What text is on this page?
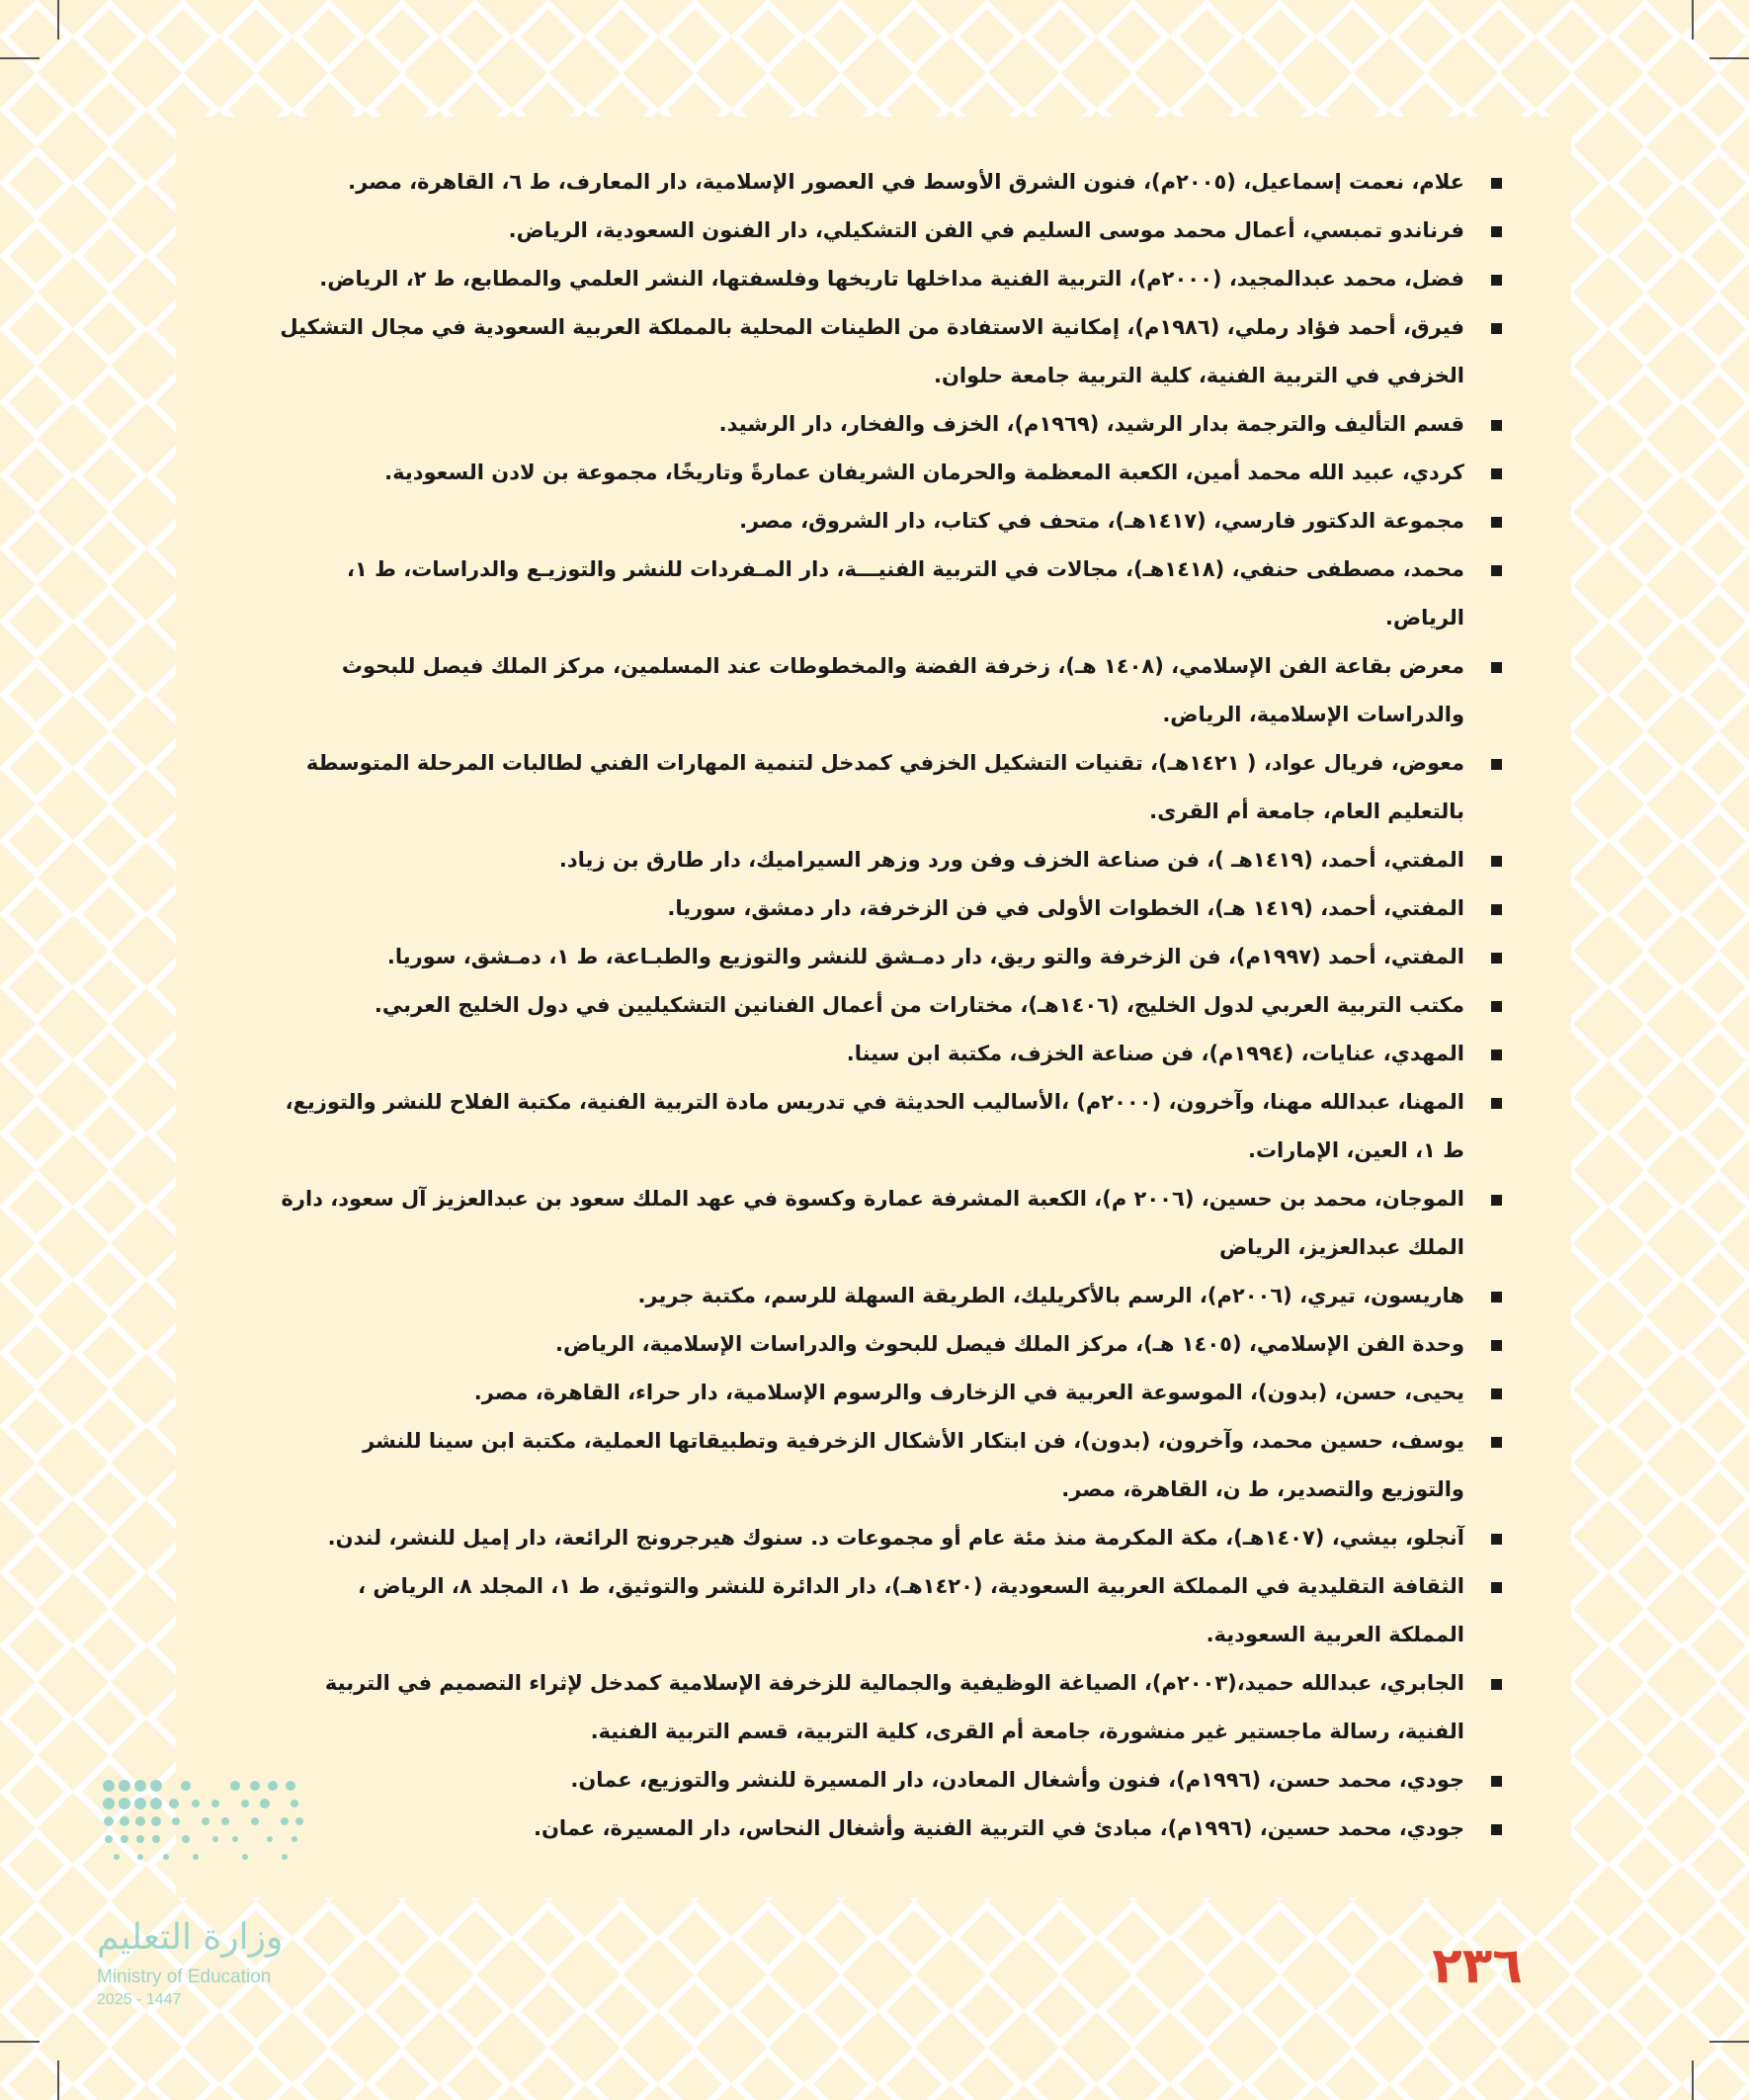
علام، نعمت إسماعيل، (٢٠٠٥م)، فنون الشرق الأوسط في العصور الإسلامية، دار المعارف، ط ٦، القاهرة، مصر.
فرناندو تمبسي، أعمال محمد موسى السليم في الفن التشكيلي، دار الفنون السعودية، الرياض.
فضل، محمد عبدالمجيد، (٢٠٠٠م)، التربية الفنية مداخلها تاريخها وفلسفتها، النشر العلمي والمطابع، ط ٢، الرياض.
فيرق، أحمد فؤاد رملي، (١٩٨٦م)، إمكانية الاستفادة من الطينات المحلية بالمملكة العربية السعودية في مجال التشكيل الخزفي في التربية الفنية، كلية التربية جامعة حلوان.
قسم التأليف والترجمة بدار الرشيد، (١٩٦٩م)، الخزف والفخار، دار الرشيد.
كردي، عبيد الله محمد أمين، الكعبة المعظمة والحرمان الشريفان عمارةً وتاريخًا، مجموعة بن لادن السعودية.
مجموعة الدكتور فارسي، (١٤١٧هـ)، متحف في كتاب، دار الشروق، مصر.
محمد، مصطفى حنفي، (١٤١٨هـ)، مجالات في التربية الفنيـــة، دار المـفردات للنشر والتوزيـع والدراسات، ط ١، الرياض.
معرض بقاعة الفن الإسلامي، (١٤٠٨ هـ)، زخرفة الفضة والمخطوطات عند المسلمين، مركز الملك فيصل للبحوث والدراسات الإسلامية، الرياض.
معوض، فريال عواد، ( ١٤٢١هـ)، تقنيات التشكيل الخزفي كمدخل لتنمية المهارات الفني لطالبات المرحلة المتوسطة بالتعليم العام، جامعة أم القرى.
المفتي، أحمد، (١٤١٩هـ )، فن صناعة الخزف وفن ورد وزهر السيراميك، دار طارق بن زياد.
المفتي، أحمد، (١٤١٩ هـ)، الخطوات الأولى في فن الزخرفة، دار دمشق، سوريا.
المفتي، أحمد (١٩٩٧م)، فن الزخرفة والتو ريق، دار دمـشق للنشر والتوزيع والطبـاعة، ط ١، دمـشق، سوريا.
مكتب التربية العربي لدول الخليج، (١٤٠٦هـ)، مختارات من أعمال الفنانين التشكيليين في دول الخليج العربي.
المهدي، عنايات، (١٩٩٤م)، فن صناعة الخزف، مكتبة ابن سينا.
المهنا، عبدالله مهنا، وآخرون، (٢٠٠٠م) ،الأساليب الحديثة في تدريس مادة التربية الفنية، مكتبة الفلاح للنشر والتوزيع، ط ١، العين، الإمارات.
الموجان، محمد بن حسين، (٢٠٠٦ م)، الكعبة المشرفة عمارة وكسوة في عهد الملك سعود بن عبدالعزيز آل سعود، دارة الملك عبدالعزيز، الرياض
هاريسون، تيري، (٢٠٠٦م)، الرسم بالأكريليك، الطريقة السهلة للرسم، مكتبة جرير.
وحدة الفن الإسلامي، (١٤٠٥ هـ)، مركز الملك فيصل للبحوث والدراسات الإسلامية، الرياض.
يحيى، حسن، (بدون)، الموسوعة العربية في الزخارف والرسوم الإسلامية، دار حراء، القاهرة، مصر.
يوسف، حسين محمد، وآخرون، (بدون)، فن ابتكار الأشكال الزخرفية وتطبيقاتها العملية، مكتبة ابن سينا للنشر والتوزيع والتصدير، ط ن، القاهرة، مصر.
آنجلو، بيشي، (١٤٠٧هـ)، مكة المكرمة منذ مئة عام أو مجموعات د. سنوك هيرجرونج الرائعة، دار إميل للنشر، لندن.
الثقافة التقليدية في المملكة العربية السعودية، (١٤٢٠هـ)، دار الدائرة للنشر والتوثيق، ط ١، المجلد ٨، الرياض ، المملكة العربية السعودية.
الجابري، عبدالله حميد،(٢٠٠٣م)، الصياغة الوظيفية والجمالية للزخرفة الإسلامية كمدخل لإثراء التصميم في التربية الفنية، رسالة ماجستير غير منشورة، جامعة أم القرى، كلية التربية، قسم التربية الفنية.
جودي، محمد حسن، (١٩٩٦م)، فنون وأشغال المعادن، دار المسيرة للنشر والتوزيع، عمان.
جودي، محمد حسين، (١٩٩٦م)، مبادئ في التربية الفنية وأشغال النحاس، دار المسيرة، عمان.
وزارة التعليم
Ministry of Education
2025 - 1447
٢٣٦
